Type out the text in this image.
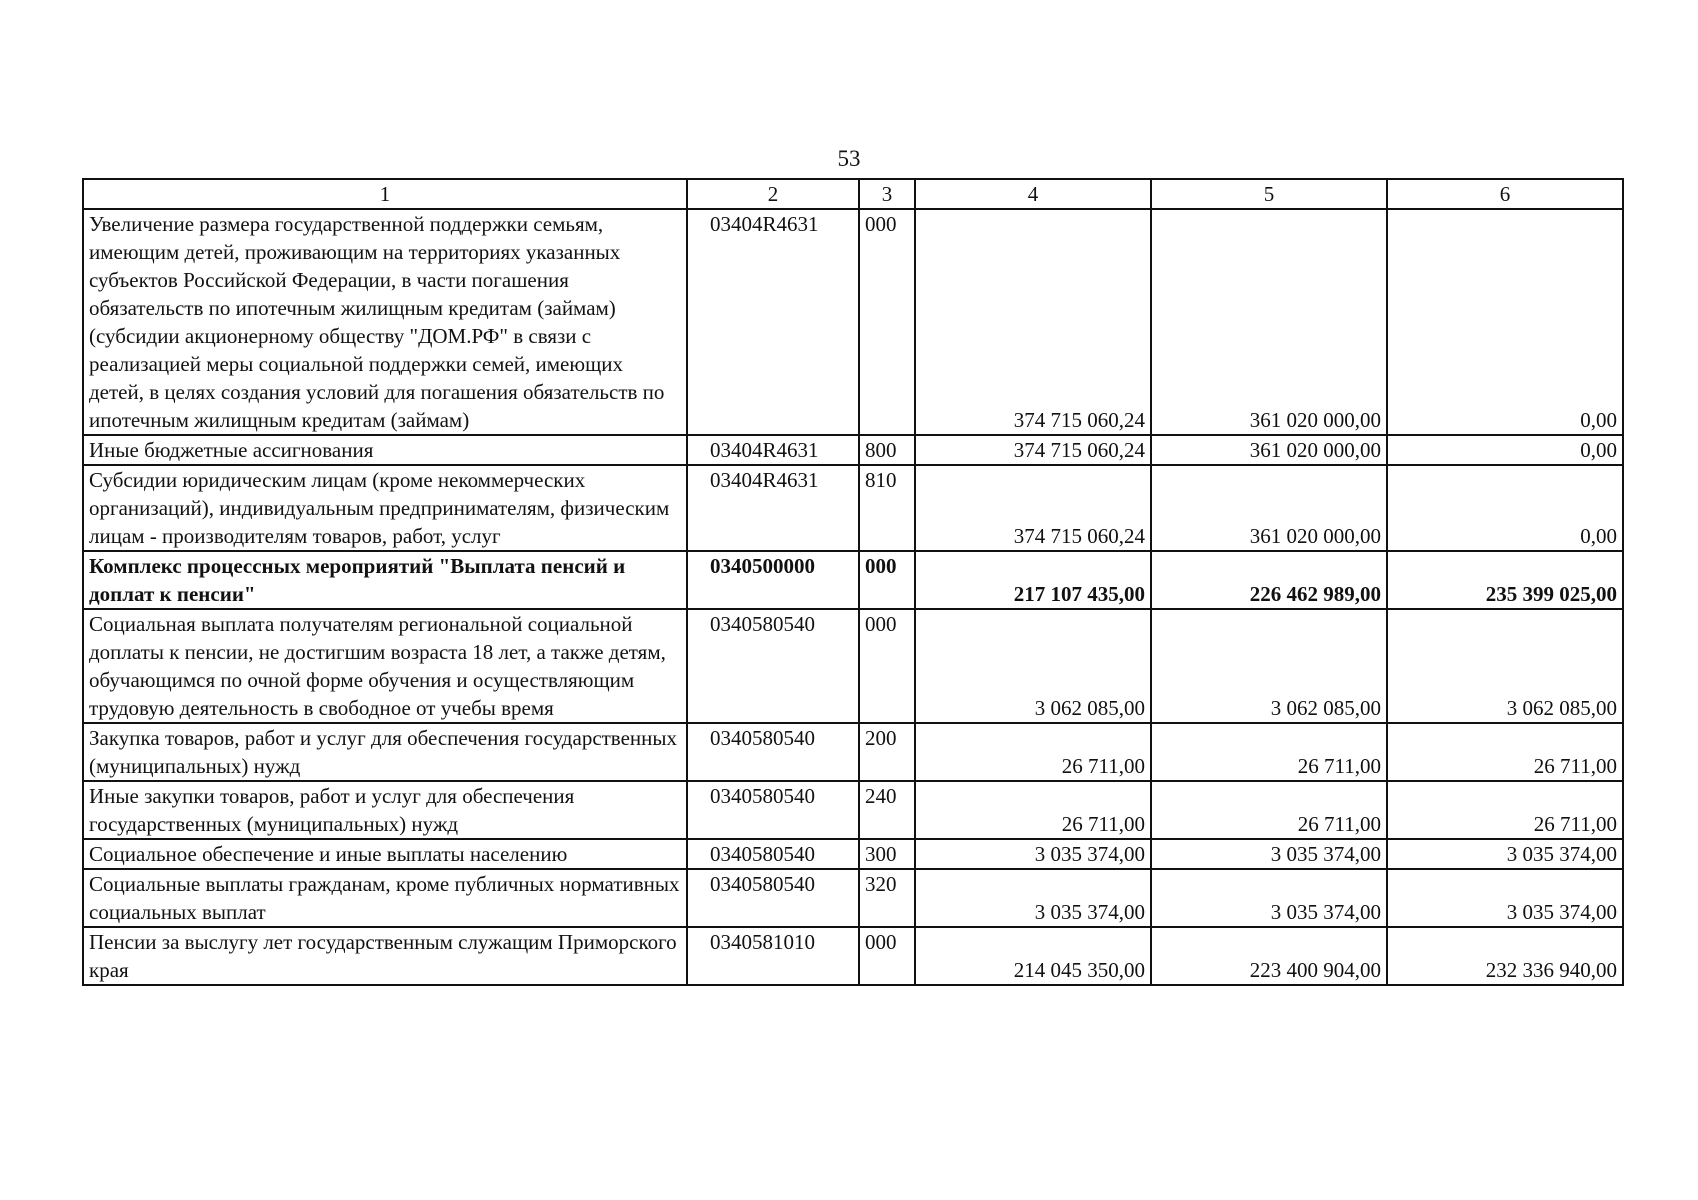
53
1	2	3	4	5	6
Увеличение размера государственной поддержки семьям, имеющим детей, проживающим на территориях указанных субъектов Российской Федерации, в части погашения обязательств по ипотечным жилищным кредитам (займам) (субсидии акционерному обществу "ДОМ.РФ" в связи с реализацией меры социальной поддержки семей, имеющих детей, в целях создания условий для погашения обязательств по ипотечным жилищным кредитам (займам)	03404R4631	000	374 715 060,24	361 020 000,00	0,00
Иные бюджетные ассигнования	03404R4631	800	374 715 060,24	361 020 000,00	0,00
Субсидии юридическим лицам (кроме некоммерческих организаций), индивидуальным предпринимателям, физическим лицам - производителям товаров, работ, услуг	03404R4631	810	374 715 060,24	361 020 000,00	0,00
Комплекс процессных мероприятий "Выплата пенсий и доплат к пенсии"	0340500000	000	217 107 435,00	226 462 989,00	235 399 025,00
Социальная выплата получателям региональной социальной доплаты к пенсии, не достигшим возраста 18 лет, а также детям, обучающимся по очной форме обучения и осуществляющим трудовую деятельность в свободное от учебы время	0340580540	000	3 062 085,00	3 062 085,00	3 062 085,00
Закупка товаров, работ и услуг для обеспечения государственных (муниципальных) нужд	0340580540	200	26 711,00	26 711,00	26 711,00
Иные закупки товаров, работ и услуг для обеспечения государственных (муниципальных) нужд	0340580540	240	26 711,00	26 711,00	26 711,00
Социальное обеспечение и иные выплаты населению	0340580540	300	3 035 374,00	3 035 374,00	3 035 374,00
Социальные выплаты гражданам, кроме публичных нормативных социальных выплат	0340580540	320	3 035 374,00	3 035 374,00	3 035 374,00
Пенсии за выслугу лет государственным служащим Приморского края	0340581010	000	214 045 350,00	223 400 904,00	232 336 940,00
